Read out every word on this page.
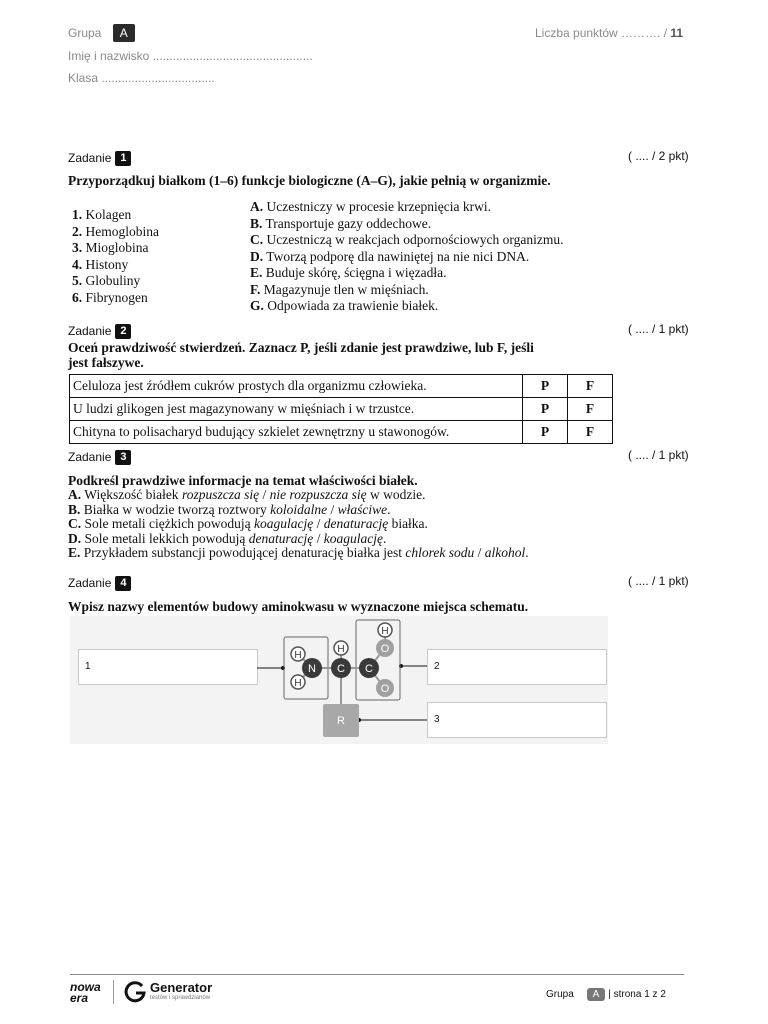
Grupa A
Imię i nazwisko ................................................
Klasa ..................................
Liczba punktów ………. / 11
Zadanie 1	( .... / 2 pkt)
Przyporządkuj białkom (1–6) funkcje biologiczne (A–G), jakie pełnią w organizmie.
1. Kolagen
2. Hemoglobina
3. Mioglobina
4. Histony
5. Globuliny
6. Fibrynogen
A. Uczestniczy w procesie krzepnięcia krwi.
B. Transportuje gazy oddechowe.
C. Uczestniczą w reakcjach odpornościowych organizmu.
D. Tworzą podporę dla nawiniętej na nie nici DNA.
E. Buduje skórę, ścięgna i więzadła.
F. Magazynuje tlen w mięśniach.
G. Odpowiada za trawienie białek.
Zadanie 2	( .... / 1 pkt)
Oceń prawdziwość stwierdzeń. Zaznacz P, jeśli zdanie jest prawdziwe, lub F, jeśli
jest fałszywe.
Celuloza jest źródłem cukrów prostych dla organizmu człowieka.	P	F
U ludzi glikogen jest magazynowany w mięśniach i w trzustce.	P	F
Chityna to polisacharyd budujący szkielet zewnętrzny u stawonogów.	P	F
Zadanie 3	( .... / 1 pkt)
Podkreśl prawdziwe informacje na temat właściwości białek.
A. Większość białek rozpuszcza się / nie rozpuszcza się w wodzie.
B. Białka w wodzie tworzą roztwory koloidalne / właściwe.
C. Sole metali ciężkich powodują koagulację / denaturację białka.
D. Sole metali lekkich powodują denaturację / koagulację.
E. Przykładem substancji powodującej denaturację białka jest chlorek sodu / alkohol.
Zadanie 4	( .... / 1 pkt)
Wpisz nazwy elementów budowy aminokwasu w wyznaczone miejsca schematu.
1	2
3
R
H
H
H
H
N C C
O
O
nowa
era
Generator
testów i sprawdzianów	Grupa A | strona 1 z 2
